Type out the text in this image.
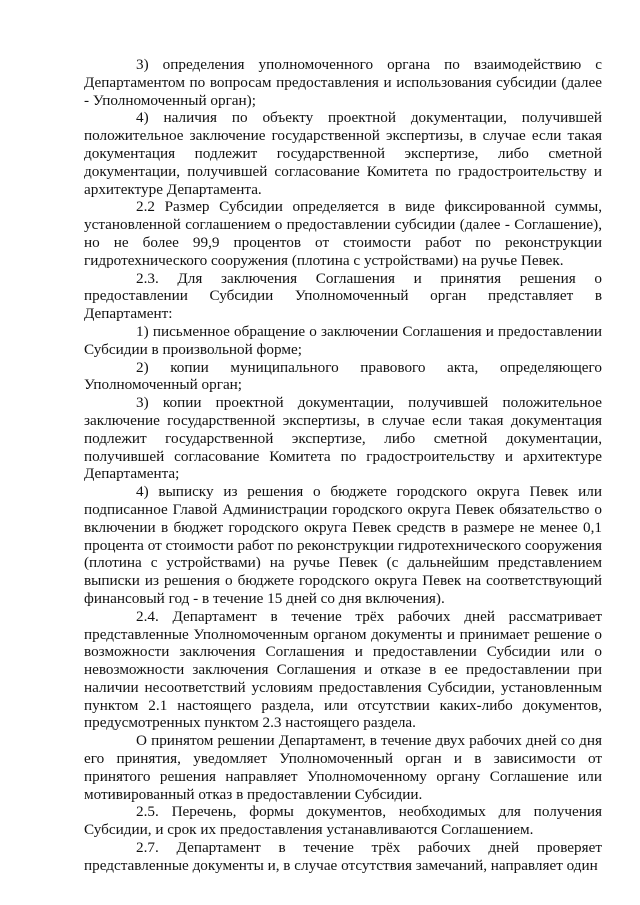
3) определения уполномоченного органа по взаимодействию с Департаментом по вопросам предоставления и использования субсидии (далее - Уполномоченный орган);

4) наличия по объекту проектной документации, получившей положительное заключение государственной экспертизы, в случае если такая документация подлежит государственной экспертизе, либо сметной документации, получившей согласование Комитета по градостроительству и архитектуре Департамента.

2.2 Размер Субсидии определяется в виде фиксированной суммы, установленной соглашением о предоставлении субсидии (далее - Соглашение), но не более 99,9 процентов от стоимости работ по реконструкции гидротехнического сооружения (плотина с устройствами) на ручье Певек.

2.3. Для заключения Соглашения и принятия решения о предоставлении Субсидии Уполномоченный орган представляет в Департамент:

1) письменное обращение о заключении Соглашения и предоставлении Субсидии в произвольной форме;

2) копии муниципального правового акта, определяющего Уполномоченный орган;

3) копии проектной документации, получившей положительное заключение государственной экспертизы, в случае если такая документация подлежит государственной экспертизе, либо сметной документации, получившей согласование Комитета по градостроительству и архитектуре Департамента;

4) выписку из решения о бюджете городского округа Певек или подписанное Главой Администрации городского округа Певек обязательство о включении в бюджет городского округа Певек средств в размере не менее 0,1 процента от стоимости работ по реконструкции гидротехнического сооружения (плотина с устройствами) на ручье Певек (с дальнейшим представлением выписки из решения о бюджете городского округа Певек на соответствующий финансовый год - в течение 15 дней со дня включения).

2.4. Департамент в течение трёх рабочих дней рассматривает представленные Уполномоченным органом документы и принимает решение о возможности заключения Соглашения и предоставлении Субсидии или о невозможности заключения Соглашения и отказе в ее предоставлении при наличии несоответствий условиям предоставления Субсидии, установленным пунктом 2.1 настоящего раздела, или отсутствии каких-либо документов, предусмотренных пунктом 2.3 настоящего раздела.

О принятом решении Департамент, в течение двух рабочих дней со дня его принятия, уведомляет Уполномоченный орган и в зависимости от принятого решения направляет Уполномоченному органу Соглашение или мотивированный отказ в предоставлении Субсидии.

2.5. Перечень, формы документов, необходимых для получения Субсидии, и срок их предоставления устанавливаются Соглашением.

2.7. Департамент в течение трёх рабочих дней проверяет представленные документы и, в случае отсутствия замечаний, направляет один
